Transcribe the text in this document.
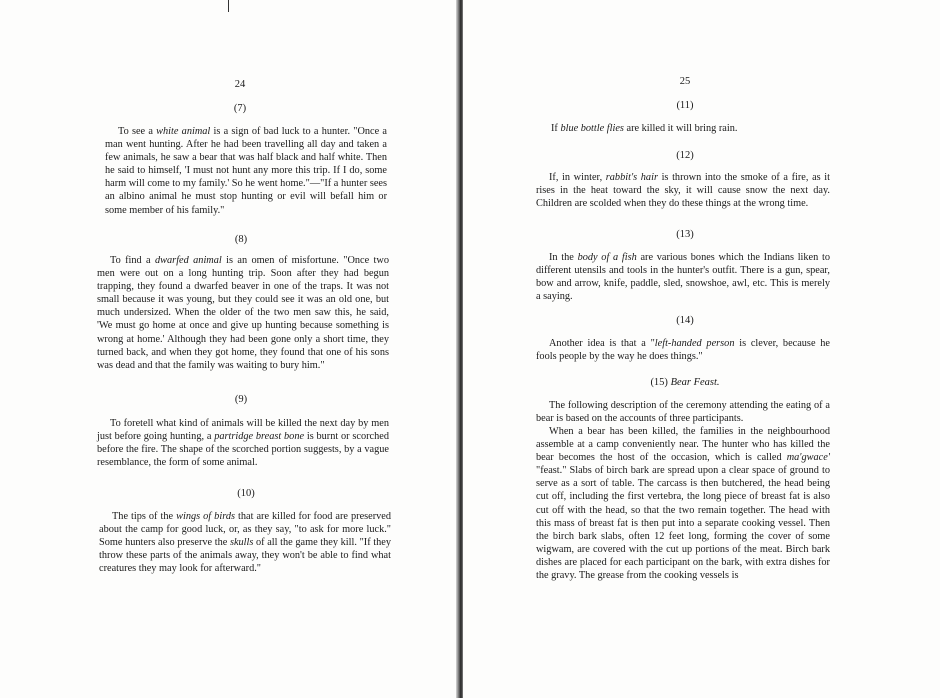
24
(7)

To see a white animal is a sign of bad luck to a hunter. "Once a man went hunting. After he had been travelling all day and taken a few animals, he saw a bear that was half black and half white. Then he said to himself, 'I must not hunt any more this trip. If I do, some harm will come to my family.' So he went home."—"If a hunter sees an albino animal he must stop hunting or evil will befall him or some member of his family."

(8)

To find a dwarfed animal is an omen of misfortune. "Once two men were out on a long hunting trip. Soon after they had begun trapping, they found a dwarfed beaver in one of the traps. It was not small because it was young, but they could see it was an old one, but much undersized. When the older of the two men saw this, he said, 'We must go home at once and give up hunting because something is wrong at home.' Although they had been gone only a short time, they turned back, and when they got home, they found that one of his sons was dead and that the family was waiting to bury him."

(9)

To foretell what kind of animals will be killed the next day by men just before going hunting, a partridge breast bone is burnt or scorched before the fire. The shape of the scorched portion suggests, by a vague resemblance, the form of some animal.

(10)

The tips of the wings of birds that are killed for food are preserved about the camp for good luck, or, as they say, "to ask for more luck." Some hunters also preserve the skulls of all the game they kill. "If they throw these parts of the animals away, they won't be able to find what creatures they may look for afterward."

25
(11)

If blue bottle flies are killed it will bring rain.

(12)

If, in winter, rabbit's hair is thrown into the smoke of a fire, as it rises in the heat toward the sky, it will cause snow the next day. Children are scolded when they do these things at the wrong time.

(13)

In the body of a fish are various bones which the Indians liken to different utensils and tools in the hunter's outfit. There is a gun, spear, bow and arrow, knife, paddle, sled, snowshoe, awl, etc. This is merely a saying.

(14)

Another idea is that a "left-handed person is clever, because he fools people by the way he does things."

(15) Bear Feast.

The following description of the ceremony attending the eating of a bear is based on the accounts of three participants.

When a bear has been killed, the families in the neighbourhood assemble at a camp conveniently near. The hunter who has killed the bear becomes the host of the occasion, which is called ma'gwace' "feast." Slabs of birch bark are spread upon a clear space of ground to serve as a sort of table. The carcass is then butchered, the head being cut off, including the first vertebra, the long piece of breast fat is also cut off with the head, so that the two remain together. The head with this mass of breast fat is then put into a separate cooking vessel. Then the birch bark slabs, often 12 feet long, forming the cover of some wigwam, are covered with the cut up portions of the meat. Birch bark dishes are placed for each participant on the bark, with extra dishes for the gravy. The grease from the cooking vessels is
